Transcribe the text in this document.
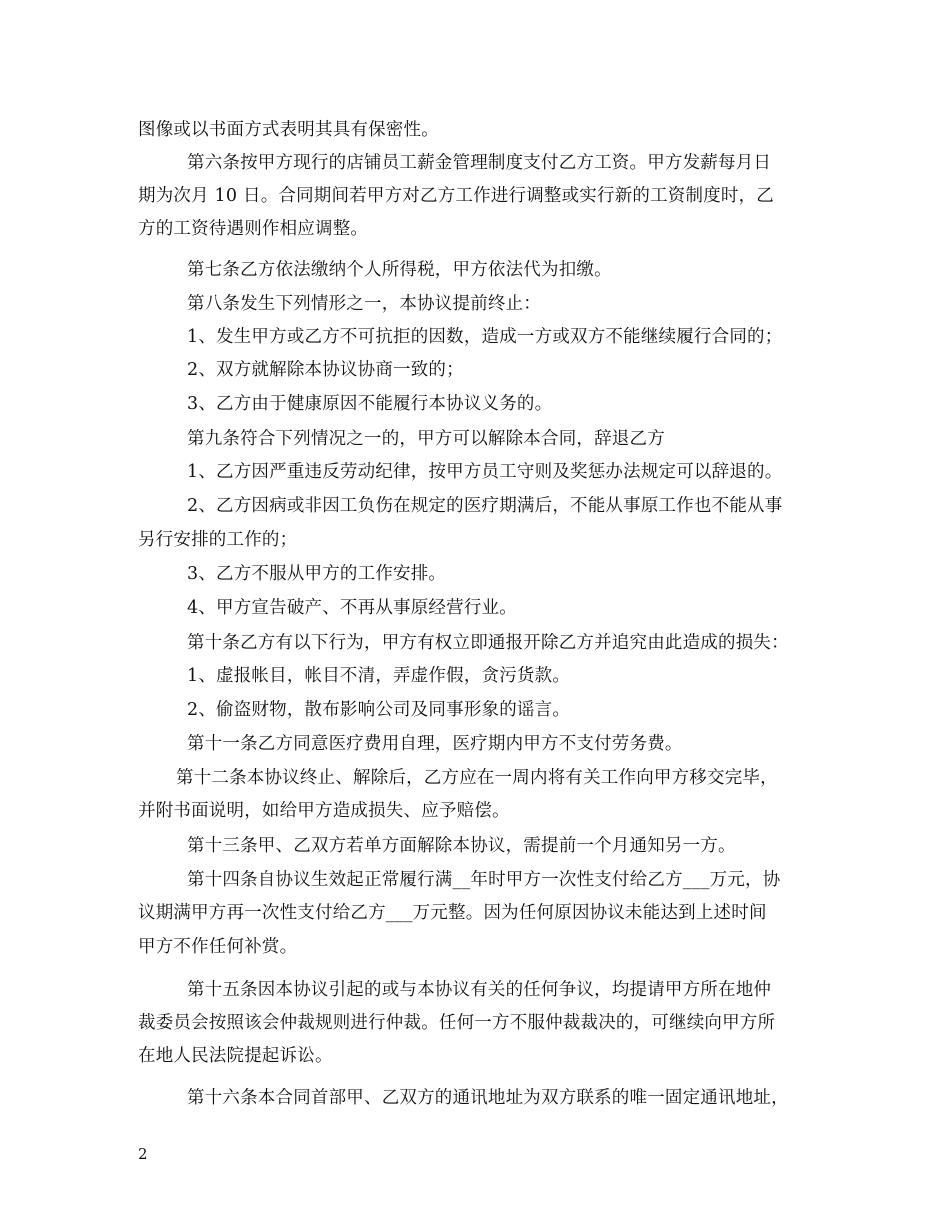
图像或以书面方式表明其具有保密性。
第六条按甲方现行的店铺员工薪金管理制度支付乙方工资。甲方发薪每月日
期为次月 10 日。合同期间若甲方对乙方工作进行调整或实行新的工资制度时，乙
方的工资待遇则作相应调整。
第七条乙方依法缴纳个人所得税，甲方依法代为扣缴。
第八条发生下列情形之一，本协议提前终止：
1、发生甲方或乙方不可抗拒的因数，造成一方或双方不能继续履行合同的；
2、双方就解除本协议协商一致的；
3、乙方由于健康原因不能履行本协议义务的。
第九条符合下列情况之一的，甲方可以解除本合同，辞退乙方
1、乙方因严重违反劳动纪律，按甲方员工守则及奖惩办法规定可以辞退的。
2、乙方因病或非因工负伤在规定的医疗期满后，不能从事原工作也不能从事
另行安排的工作的；
3、乙方不服从甲方的工作安排。
4、甲方宣告破产、不再从事原经营行业。
第十条乙方有以下行为，甲方有权立即通报开除乙方并追究由此造成的损失：
1、虚报帐目，帐目不清，弄虚作假，贪污货款。
2、偷盗财物，散布影响公司及同事形象的谣言。
第十一条乙方同意医疗费用自理，医疗期内甲方不支付劳务费。
第十二条本协议终止、解除后，乙方应在一周内将有关工作向甲方移交完毕，
并附书面说明，如给甲方造成损失、应予赔偿。
第十三条甲、乙双方若单方面解除本协议，需提前一个月通知另一方。
第十四条自协议生效起正常履行满__年时甲方一次性支付给乙方___万元，协
议期满甲方再一次性支付给乙方___万元整。因为任何原因协议未能达到上述时间
甲方不作任何补赏。
第十五条因本协议引起的或与本协议有关的任何争议，均提请甲方所在地仲
裁委员会按照该会仲裁规则进行仲裁。任何一方不服仲裁裁决的，可继续向甲方所
在地人民法院提起诉讼。
第十六条本合同首部甲、乙双方的通讯地址为双方联系的唯一固定通讯地址，
2
